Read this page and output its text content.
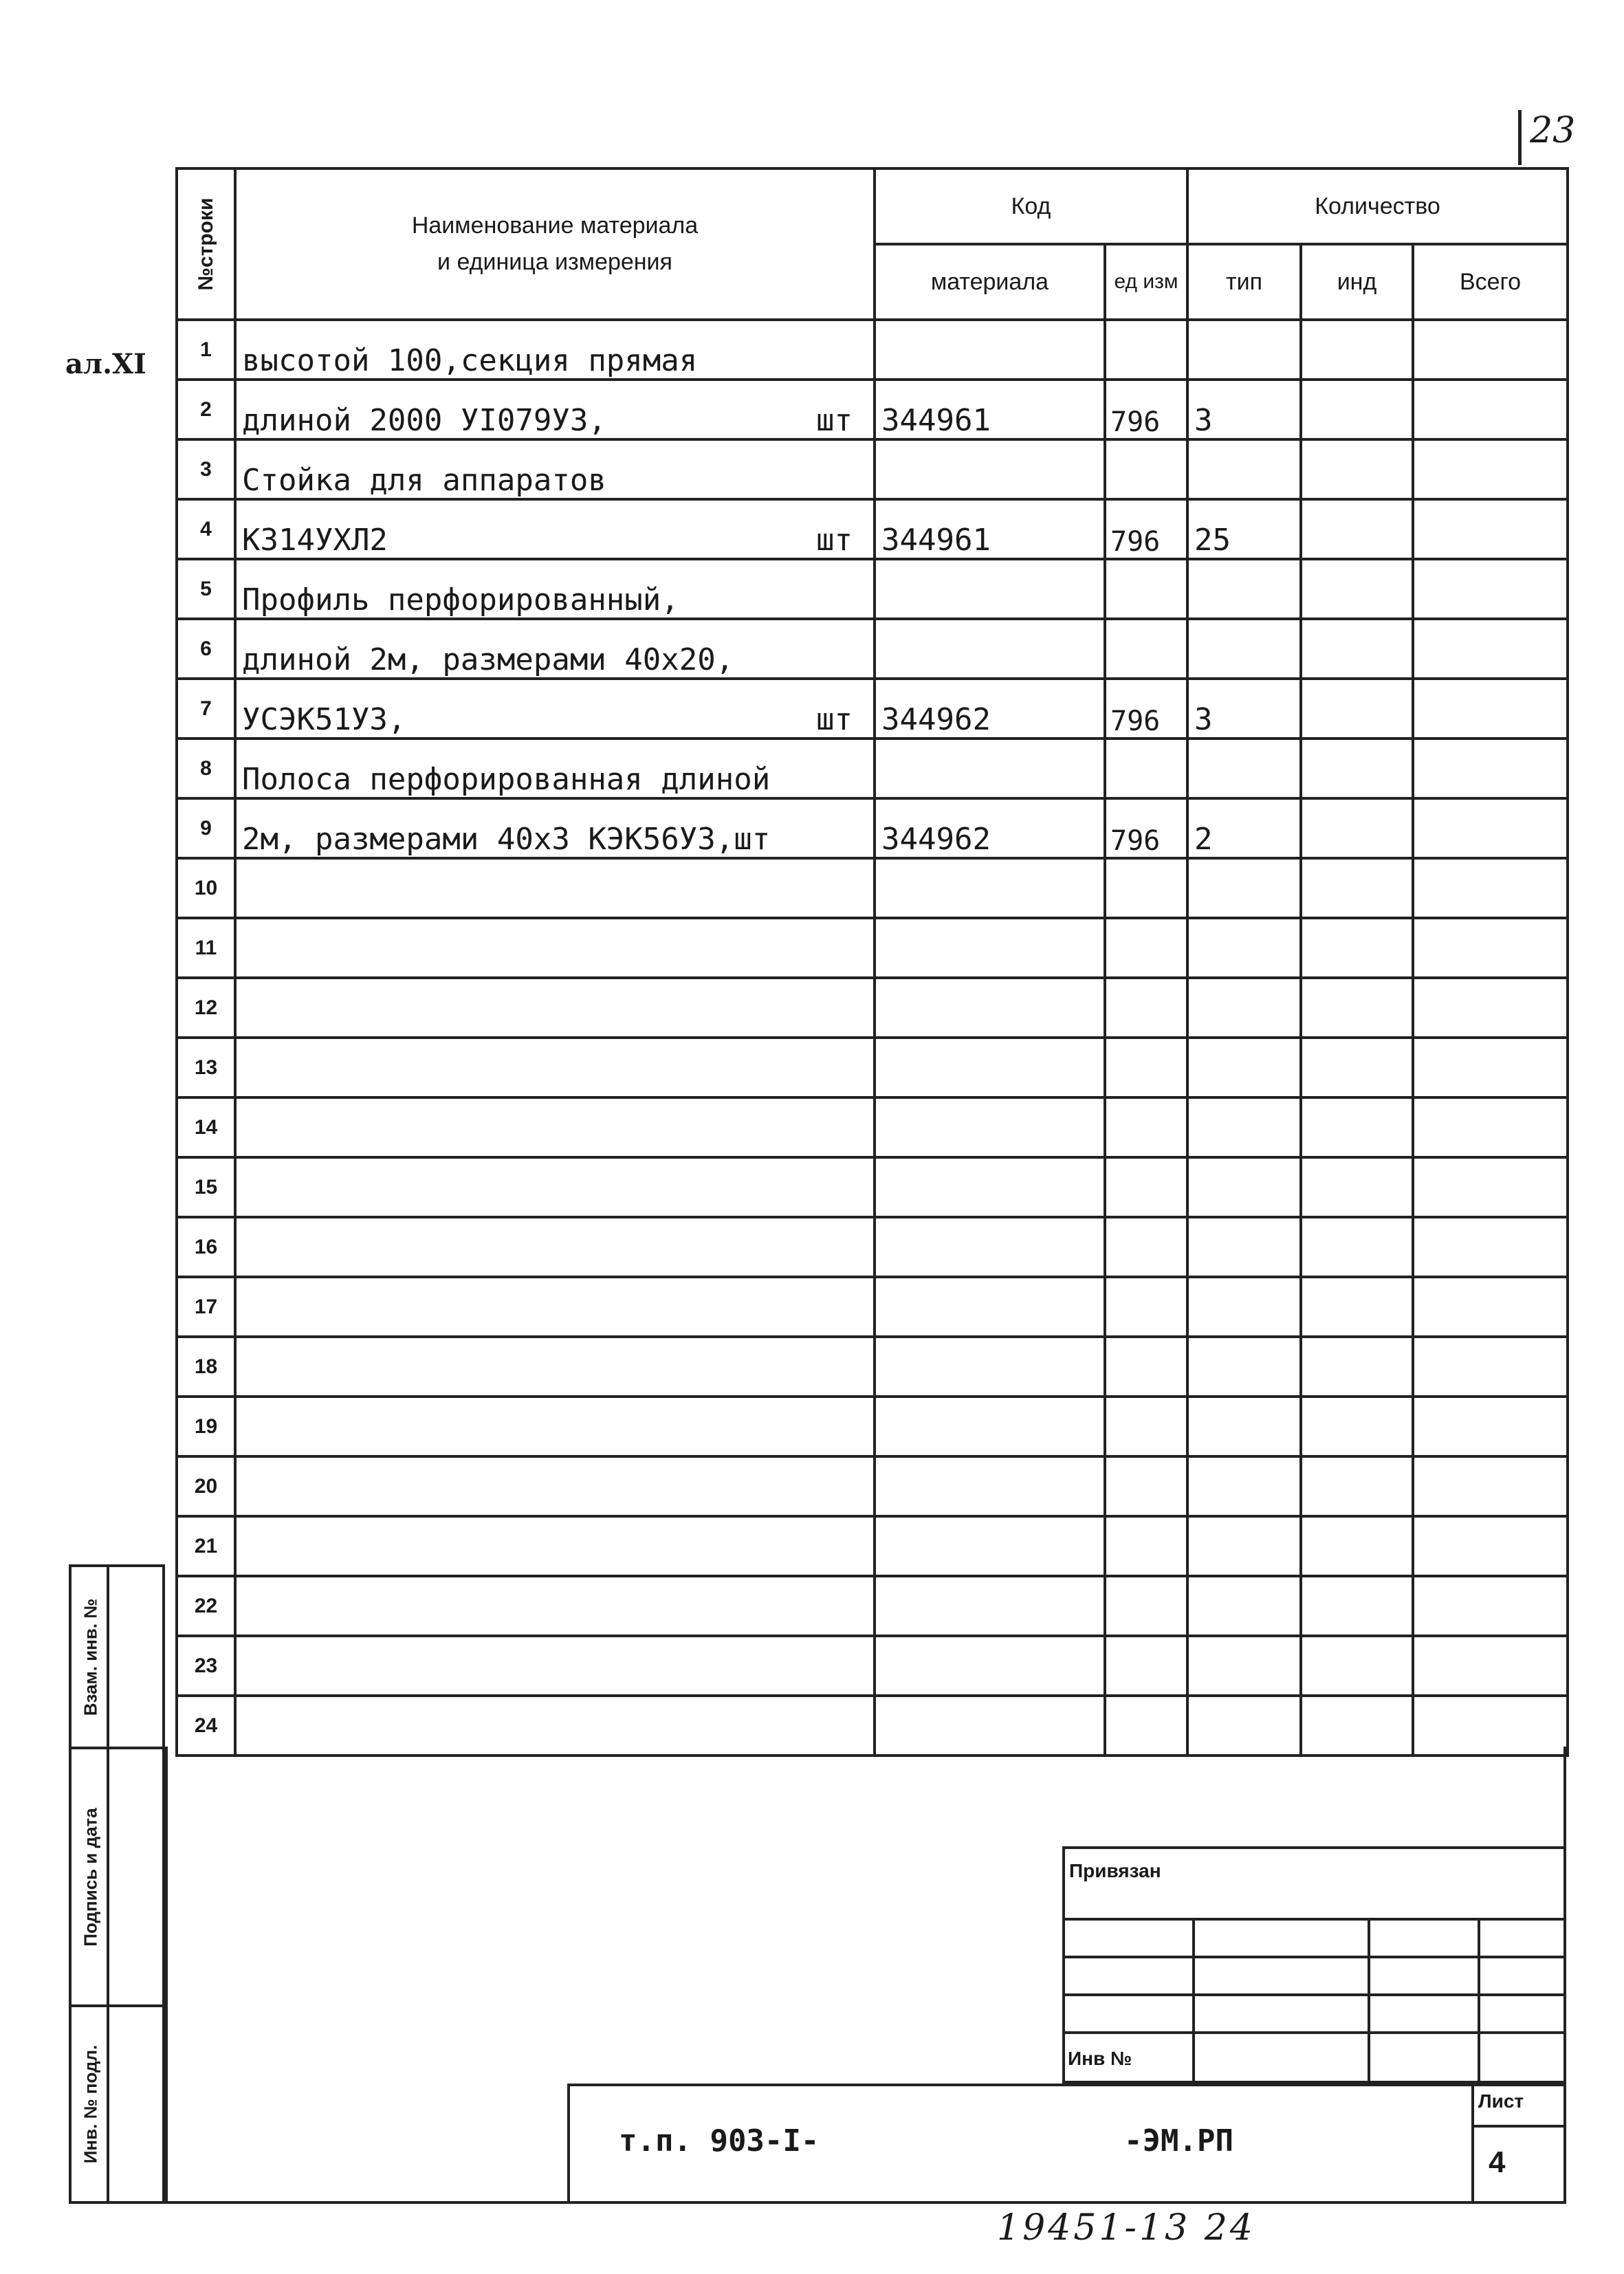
23
ал.XI
№строки	Наименование материала
и единица измерения	Код		Количество		
		материала	ед изм	тип	инд	Всего
1	высотой 100,секция прямая

2	длиной 2000 УI079УЗ, шт	344961	796	3		
3	Стойка для аппаратов

4	К314УХЛ2 шт	344961	796	25		
5	Профиль перфорированный,

6	длиной 2м, размерами 40х20,

7	УСЭК51УЗ, шт	344962	796	3		
8	Полоса перфорированная длиной

9	2м, размерами 40х3 КЭК56УЗ,шт	344962	796	2		
10	

11	

12	

13	

14	

15	

16	

17	

18	

19	

20	

21	

22	

23	

24	

Взам. инв. №
Подпись и дата
Инв. № подл.
Привязан
Инв №
т.п. 903-I-	-ЭМ.РП
Лист
4
19451-13 24
